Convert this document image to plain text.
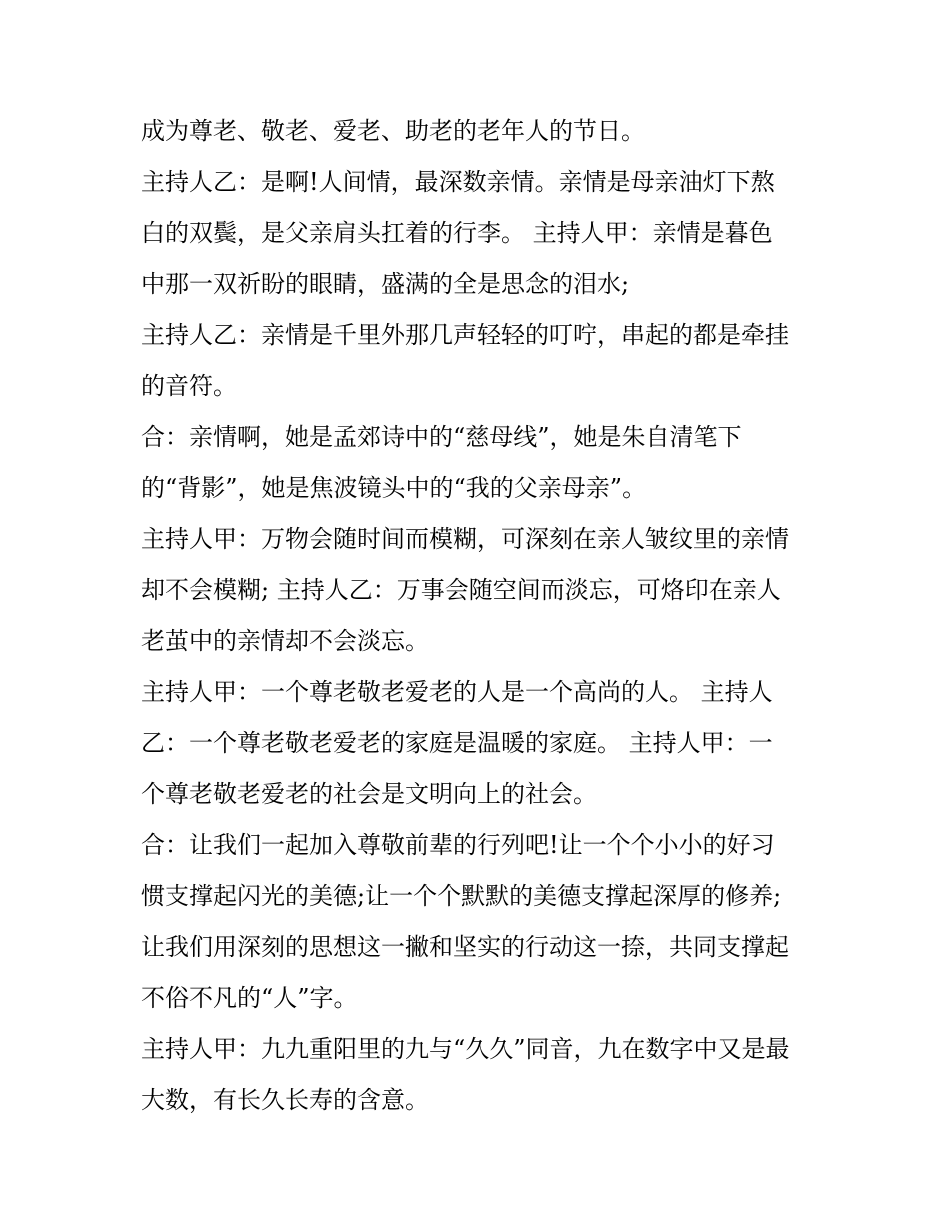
成为尊老、敬老、爱老、助老的老年人的节日。
主持人乙：是啊!人间情，最深数亲情。亲情是母亲油灯下熬
白的双鬓，是父亲肩头扛着的行李。 主持人甲：亲情是暮色
中那一双祈盼的眼睛，盛满的全是思念的泪水;
主持人乙：亲情是千里外那几声轻轻的叮咛，串起的都是牵挂
的音符。
合：亲情啊，她是孟郊诗中的“慈母线”，她是朱自清笔下
的“背影”，她是焦波镜头中的“我的父亲母亲”。
主持人甲：万物会随时间而模糊，可深刻在亲人皱纹里的亲情
却不会模糊; 主持人乙：万事会随空间而淡忘，可烙印在亲人
老茧中的亲情却不会淡忘。
主持人甲：一个尊老敬老爱老的人是一个高尚的人。 主持人
乙：一个尊老敬老爱老的家庭是温暖的家庭。 主持人甲：一
个尊老敬老爱老的社会是文明向上的社会。
合：让我们一起加入尊敬前辈的行列吧!让一个个小小的好习
惯支撑起闪光的美德;让一个个默默的美德支撑起深厚的修养;
让我们用深刻的思想这一撇和坚实的行动这一捺，共同支撑起
不俗不凡的“人”字。
主持人甲：九九重阳里的九与“久久”同音，九在数字中又是最
大数，有长久长寿的含意。
